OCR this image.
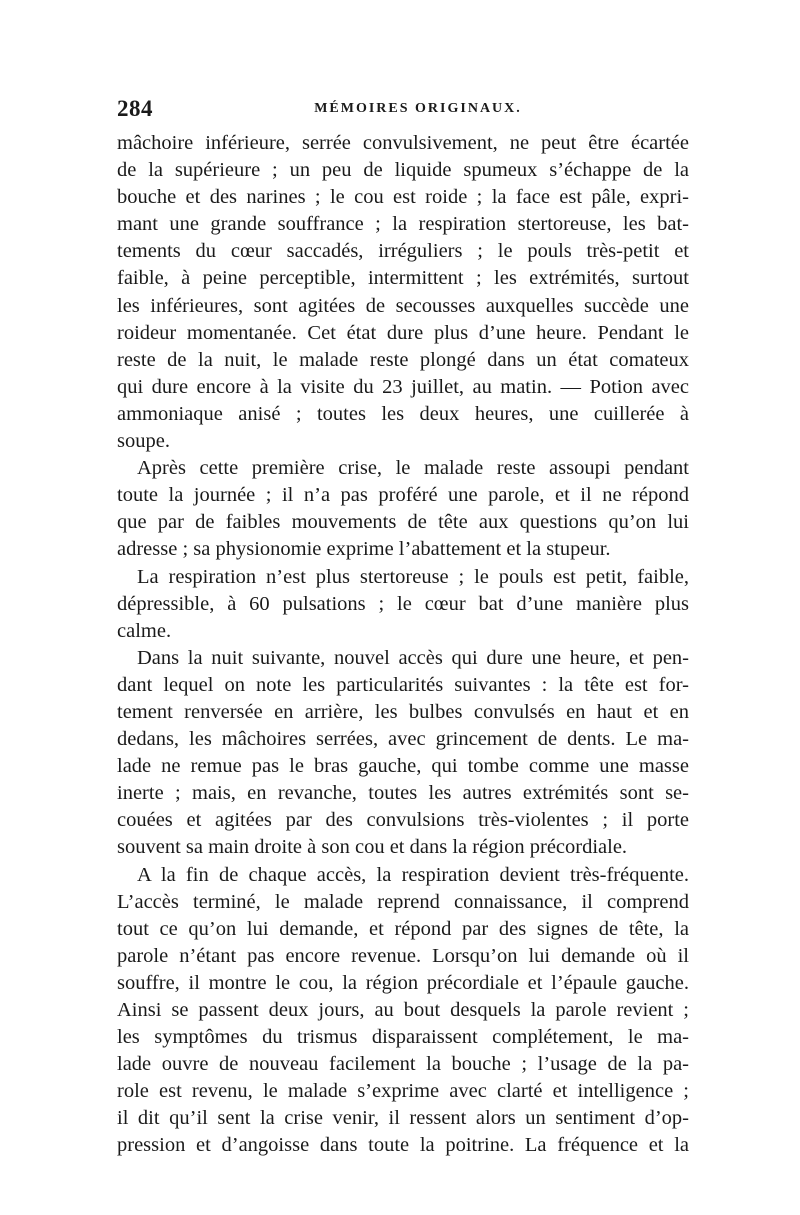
284	MÉMOIRES ORIGINAUX.
mâchoire inférieure, serrée convulsivement, ne peut être écartée
de la supérieure ; un peu de liquide spumeux s’échappe de la
bouche et des narines ; le cou est roide ; la face est pâle, expri-
mant une grande souffrance ; la respiration stertoreuse, les bat-
tements du cœur saccadés, irréguliers ; le pouls très-petit et
faible, à peine perceptible, intermittent ; les extrémités, surtout
les inférieures, sont agitées de secousses auxquelles succède une
roideur momentanée. Cet état dure plus d’une heure. Pendant le
reste de la nuit, le malade reste plongé dans un état comateux
qui dure encore à la visite du 23 juillet, au matin. — Potion avec
ammoniaque anisé ; toutes les deux heures, une cuillerée à
soupe.
Après cette première crise, le malade reste assoupi pendant
toute la journée ; il n’a pas proféré une parole, et il ne répond
que par de faibles mouvements de tête aux questions qu’on lui
adresse ; sa physionomie exprime l’abattement et la stupeur.
La respiration n’est plus stertoreuse ; le pouls est petit, faible,
dépressible, à 60 pulsations ; le cœur bat d’une manière plus
calme.
Dans la nuit suivante, nouvel accès qui dure une heure, et pen-
dant lequel on note les particularités suivantes : la tête est for-
tement renversée en arrière, les bulbes convulsés en haut et en
dedans, les mâchoires serrées, avec grincement de dents. Le ma-
lade ne remue pas le bras gauche, qui tombe comme une masse
inerte ; mais, en revanche, toutes les autres extrémités sont se-
couées et agitées par des convulsions très-violentes ; il porte
souvent sa main droite à son cou et dans la région précordiale.
A la fin de chaque accès, la respiration devient très-fréquente.
L’accès terminé, le malade reprend connaissance, il comprend
tout ce qu’on lui demande, et répond par des signes de tête, la
parole n’étant pas encore revenue. Lorsqu’on lui demande où il
souffre, il montre le cou, la région précordiale et l’épaule gauche.
Ainsi se passent deux jours, au bout desquels la parole revient ;
les symptômes du trismus disparaissent complétement, le ma-
lade ouvre de nouveau facilement la bouche ; l’usage de la pa-
role est revenu, le malade s’exprime avec clarté et intelligence ;
il dit qu’il sent la crise venir, il ressent alors un sentiment d’op-
pression et d’angoisse dans toute la poitrine. La fréquence et la
